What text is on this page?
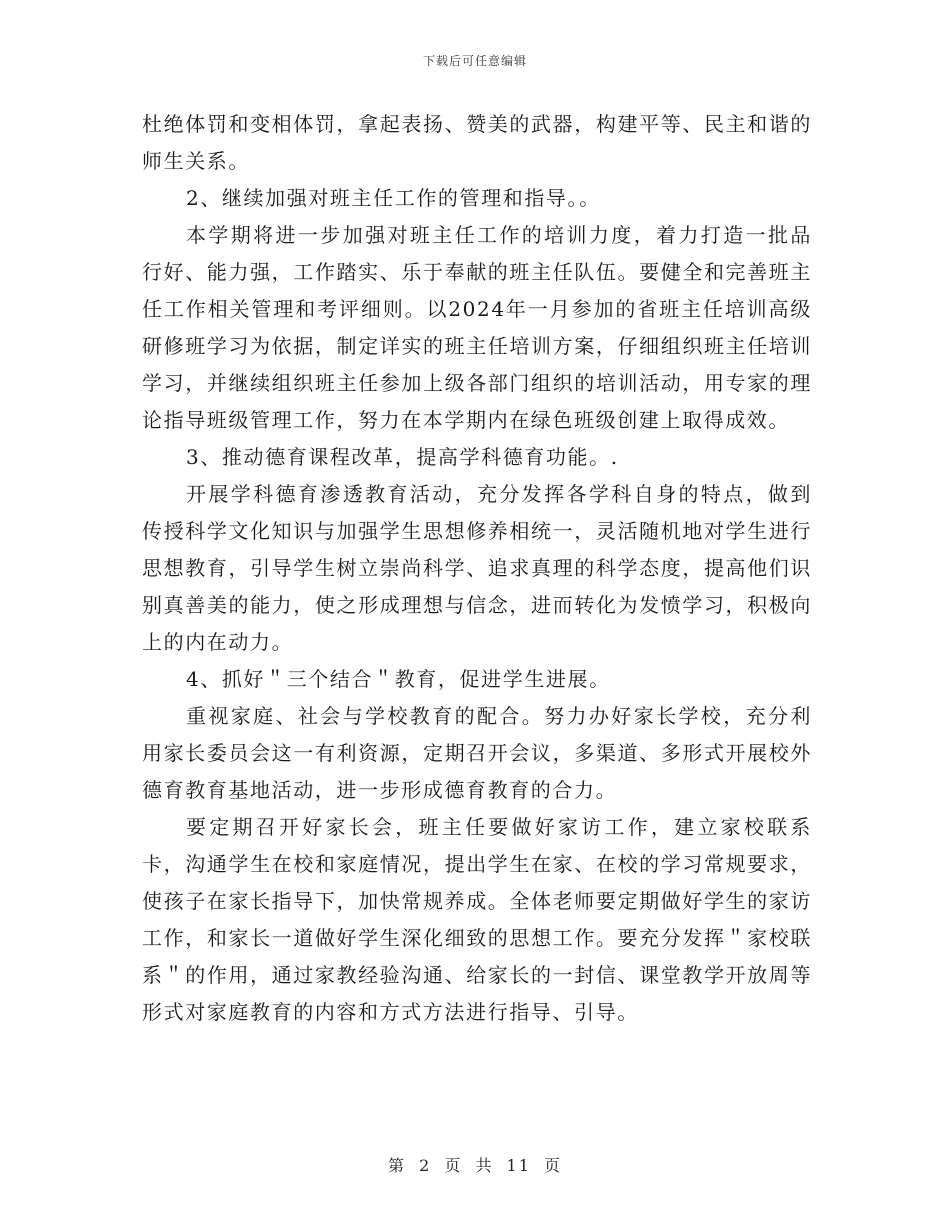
下载后可任意编辑

杜绝体罚和变相体罚，拿起表扬、赞美的武器，构建平等、民主和谐的师生关系。

2、继续加强对班主任工作的管理和指导。。

本学期将进一步加强对班主任工作的培训力度，着力打造一批品行好、能力强，工作踏实、乐于奉献的班主任队伍。要健全和完善班主任工作相关管理和考评细则。以2024年一月参加的省班主任培训高级研修班学习为依据，制定详实的班主任培训方案，仔细组织班主任培训学习，并继续组织班主任参加上级各部门组织的培训活动，用专家的理论指导班级管理工作，努力在本学期内在绿色班级创建上取得成效。

3、推动德育课程改革，提高学科德育功能。.

开展学科德育渗透教育活动，充分发挥各学科自身的特点，做到传授科学文化知识与加强学生思想修养相统一，灵活随机地对学生进行思想教育，引导学生树立崇尚科学、追求真理的科学态度，提高他们识别真善美的能力，使之形成理想与信念，进而转化为发愤学习，积极向上的内在动力。

4、抓好＂三个结合＂教育，促进学生进展。

重视家庭、社会与学校教育的配合。努力办好家长学校，充分利用家长委员会这一有利资源，定期召开会议，多渠道、多形式开展校外德育教育基地活动，进一步形成德育教育的合力。

要定期召开好家长会，班主任要做好家访工作，建立家校联系卡，沟通学生在校和家庭情况，提出学生在家、在校的学习常规要求，使孩子在家长指导下，加快常规养成。全体老师要定期做好学生的家访工作，和家长一道做好学生深化细致的思想工作。要充分发挥＂家校联系＂的作用，通过家教经验沟通、给家长的一封信、课堂教学开放周等形式对家庭教育的内容和方式方法进行指导、引导。

第 2 页 共 11 页
